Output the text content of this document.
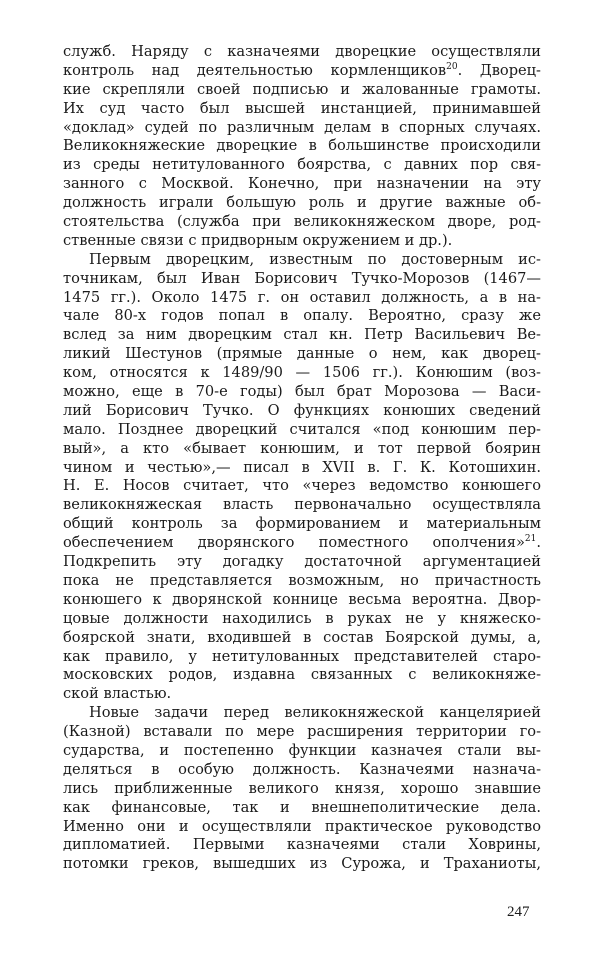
служб. Наряду с казначеями дворецкие осуществляли
контроль над деятельностью кормленщиков$^{20}$. Дворец-
кие скрепляли своей подписью и жалованные грамоты.
Их суд часто был высшей инстанцией, принимавшей
«доклад» судей по различным делам в спорных случаях.
Великокняжеские дворецкие в большинстве происходили
из среды нетитулованного боярства, с давних пор свя-
занного с Москвой. Конечно, при назначении на эту
должность играли большую роль и другие важные об-
стоятельства (служба при великокняжеском дворе, род-
ственные связи с придворным окружением и др.).
Первым дворецким, известным по достоверным ис-
точникам, был Иван Борисович Тучко-Морозов (1467—
1475 гг.). Около 1475 г. он оставил должность, а в на-
чале 80-х годов попал в опалу. Вероятно, сразу же
вслед за ним дворецким стал кн. Петр Васильевич Ве-
ликий Шестунов (прямые данные о нем, как дворец-
ком, относятся к 1489/90 — 1506 гг.). Конюшим (воз-
можно, еще в 70-е годы) был брат Морозова — Васи-
лий Борисович Тучко. О функциях конюших сведений
мало. Позднее дворецкий считался «под конюшим пер-
вый», а кто «бывает конюшим, и тот первой боярин
чином и честью»,— писал в XVII в. Г. К. Котошихин.
Н. Е. Носов считает, что «через ведомство конюшего
великокняжеская власть первоначально осуществляла
общий контроль за формированием и материальным
обеспечением дворянского поместного ополчения»$^{21}$.
Подкрепить эту догадку достаточной аргументацией
пока не представляется возможным, но причастность
конюшего к дворянской коннице весьма вероятна. Двор-
цовые должности находились в руках не у княжеско-
боярской знати, входившей в состав Боярской думы, а,
как правило, у нетитулованных представителей старо-
московских родов, издавна связанных с великокняже-
ской властью.
Новые задачи перед великокняжеской канцелярией
(Казной) вставали по мере расширения территории го-
сударства, и постепенно функции казначея стали вы-
деляться в особую должность. Казначеями назнача-
лись приближенные великого князя, хорошо знавшие
как финансовые, так и внешнеполитические дела.
Именно они и осуществляли практическое руководство
дипломатией. Первыми казначеями стали Ховрины,
потомки греков, вышедших из Сурожа, и Траханиоты,
247
